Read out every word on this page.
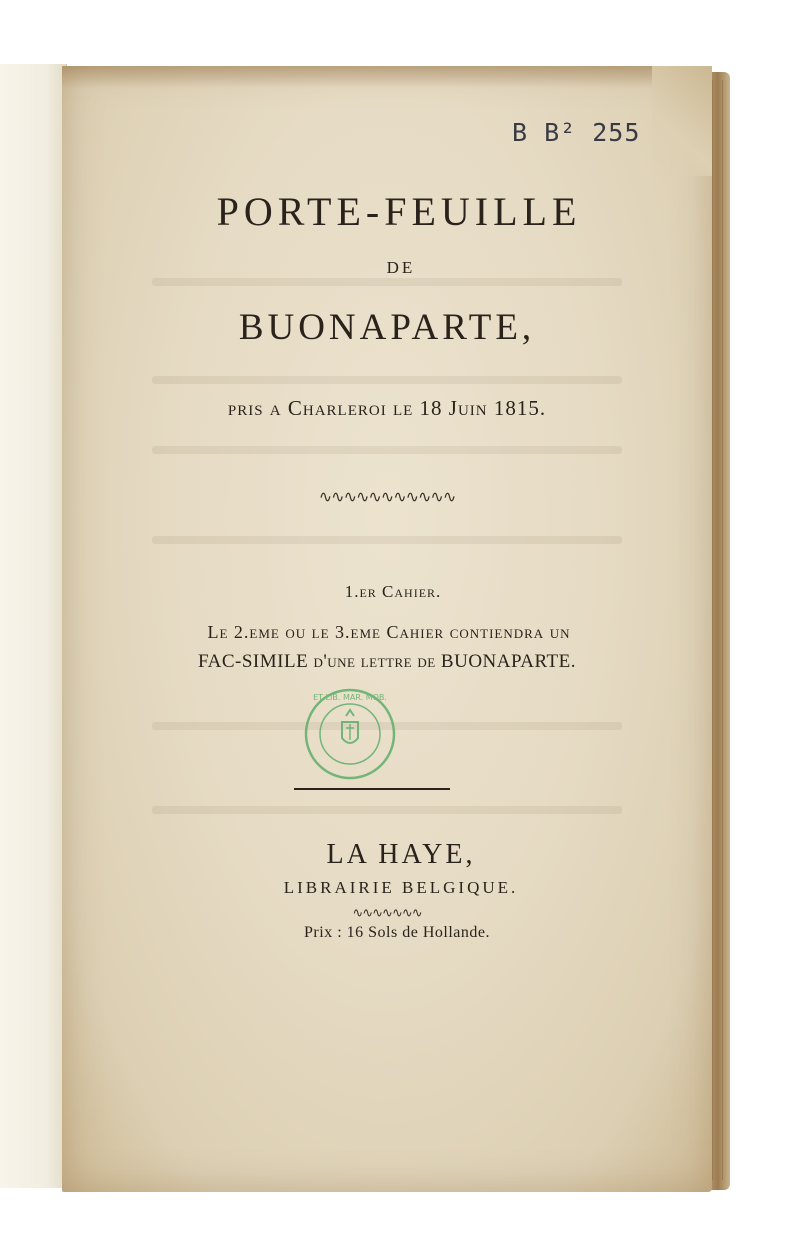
B B² 255
PORTE-FEUILLE
DE
BUONAPARTE,
pris a Charleroi le 18 Juin 1815.
∿∿∿∿∿∿∿∿∿∿∿
1.er Cahier.
Le 2.eme ou le 3.eme Cahier contiendra un
FAC-SIMILE d'une lettre de BUONAPARTE.
ET LIB. MAR. MOB.
LA HAYE,
LIBRAIRIE BELGIQUE.
∿∿∿∿∿∿∿
Prix : 16 Sols de Hollande.
